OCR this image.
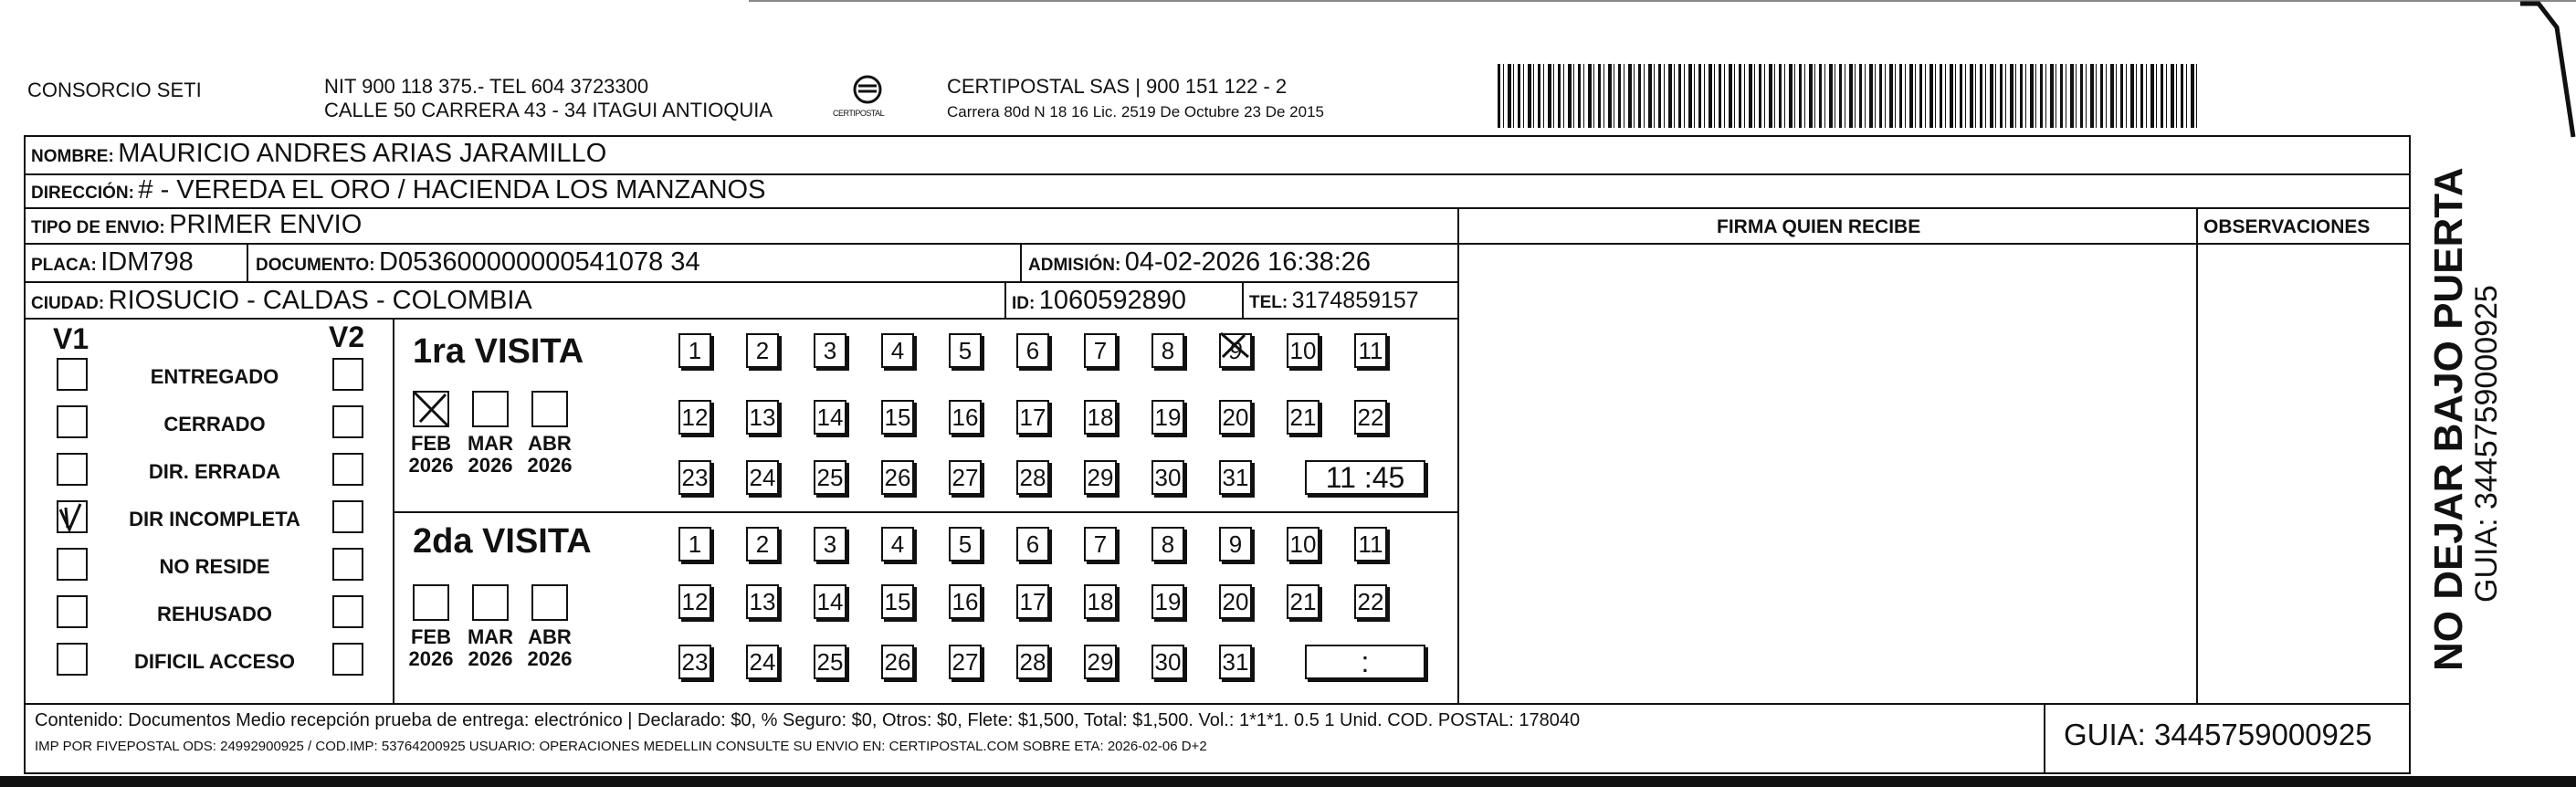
CONSORCIO SETI	NIT 900 118 375.- TEL 604 3723300
CALLE 50 CARRERA 43 - 34 ITAGUI ANTIOQUIA	CERTIPOSTAL
CERTIPOSTAL SAS | 900 151 122 - 2
Carrera 80d N 18 16 Lic. 2519 De Octubre 23 De 2015
NOMBRE: MAURICIO ANDRES ARIAS JARAMILLO
DIRECCIÓN: # - VEREDA EL ORO / HACIENDA LOS MANZANOS
TIPO DE ENVIO: PRIMER ENVIO	FIRMA QUIEN RECIBE	OBSERVACIONES
PLACA: IDM798	DOCUMENTO: D053600000000541078 34	ADMISIÓN: 04-02-2026 16:38:26
CIUDAD: RIOSUCIO - CALDAS - COLOMBIA	ID: 1060592890	TEL: 3174859157
V1	V2
ENTREGADO
CERRADO
DIR. ERRADA
DIR INCOMPLETA
NO RESIDE
REHUSADO
DIFICIL ACCESO
1ra VISITA
2da VISITA
FEB
2026
MAR
2026
ABR
2026
FEB
2026
MAR
2026
ABR
2026
1	2	3	4	5	6	7	8	9	10 11
12 13 14 15 16 17 18 19 20 21 22
23 24 25 26 27 28 29 30 31	11 :45
1	2	3	4	5	6	7	8	9	10 11
12 13 14 15 16 17 18 19 20 21 22
23 24 25 26 27 28 29 30 31	:
Contenido: Documentos Medio recepción prueba de entrega: electrónico | Declarado: $0, % Seguro: $0, Otros: $0, Flete: $1,500, Total: $1,500. Vol.: 1*1*1. 0.5 1 Unid. COD. POSTAL: 178040
IMP POR FIVEPOSTAL ODS: 24992900925 / COD.IMP: 53764200925 USUARIO: OPERACIONES MEDELLIN CONSULTE SU ENVIO EN: CERTIPOSTAL.COM SOBRE ETA: 2026-02-06 D+2	GUIA: 3445759000925
NO DEJAR BAJO PUERTA
GUIA: 3445759000925
